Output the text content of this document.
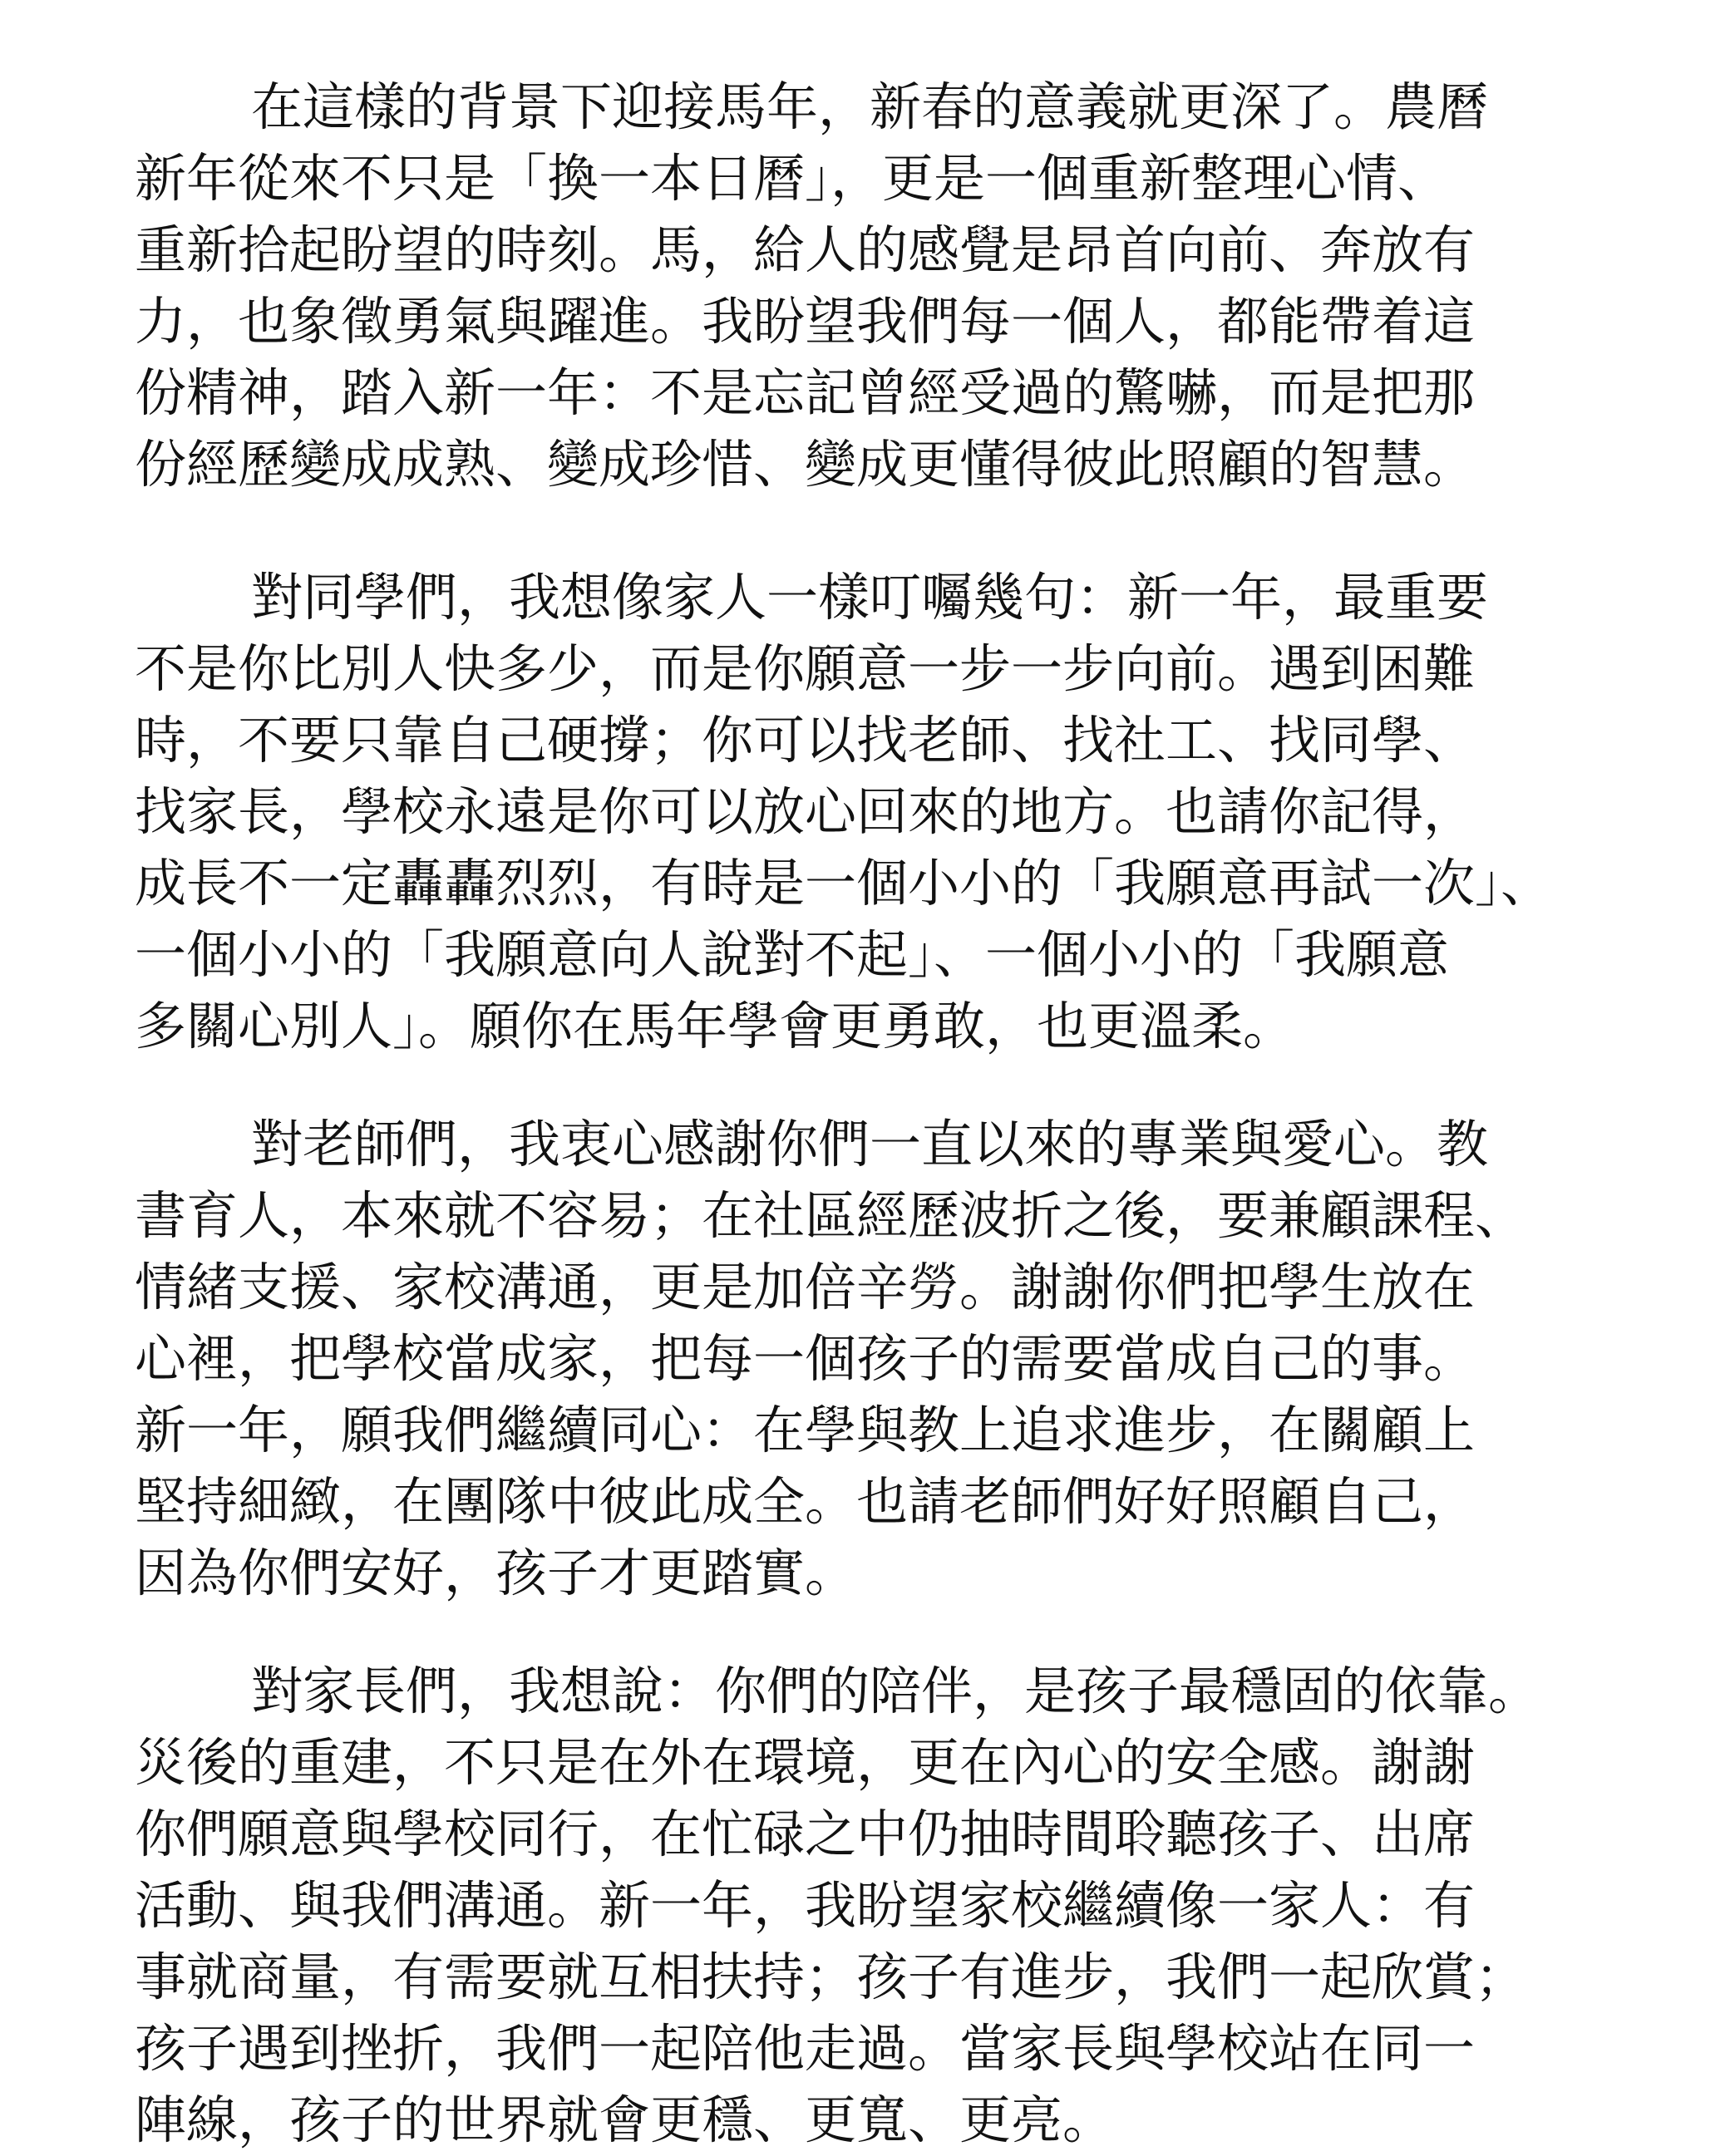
在這樣的背景下迎接馬年，新春的意義就更深了。農曆
新年從來不只是「換一本日曆」，更是一個重新整理心情、
重新拾起盼望的時刻。馬，給人的感覺是昂首向前、奔放有
力，也象徵勇氣與躍進。我盼望我們每一個人，都能帶着這
份精神，踏入新一年：不是忘記曾經受過的驚嚇，而是把那
份經歷變成成熟、變成珍惜、變成更懂得彼此照顧的智慧。
對同學們，我想像家人一樣叮囑幾句：新一年，最重要
不是你比別人快多少，而是你願意一步一步向前。遇到困難
時，不要只靠自己硬撐；你可以找老師、找社工、找同學、
找家長，學校永遠是你可以放心回來的地方。也請你記得，
成長不一定轟轟烈烈，有時是一個小小的「我願意再試一次」、
一個小小的「我願意向人說對不起」、一個小小的「我願意
多關心別人」。願你在馬年學會更勇敢，也更溫柔。
對老師們，我衷心感謝你們一直以來的專業與愛心。教
書育人，本來就不容易；在社區經歷波折之後，要兼顧課程、
情緒支援、家校溝通，更是加倍辛勞。謝謝你們把學生放在
心裡，把學校當成家，把每一個孩子的需要當成自己的事。
新一年，願我們繼續同心：在學與教上追求進步，在關顧上
堅持細緻，在團隊中彼此成全。也請老師們好好照顧自己，
因為你們安好，孩子才更踏實。
對家長們，我想說：你們的陪伴，是孩子最穩固的依靠。
災後的重建，不只是在外在環境，更在內心的安全感。謝謝
你們願意與學校同行，在忙碌之中仍抽時間聆聽孩子、出席
活動、與我們溝通。新一年，我盼望家校繼續像一家人：有
事就商量，有需要就互相扶持；孩子有進步，我們一起欣賞；
孩子遇到挫折，我們一起陪他走過。當家長與學校站在同一
陣線，孩子的世界就會更穩、更寬、更亮。
